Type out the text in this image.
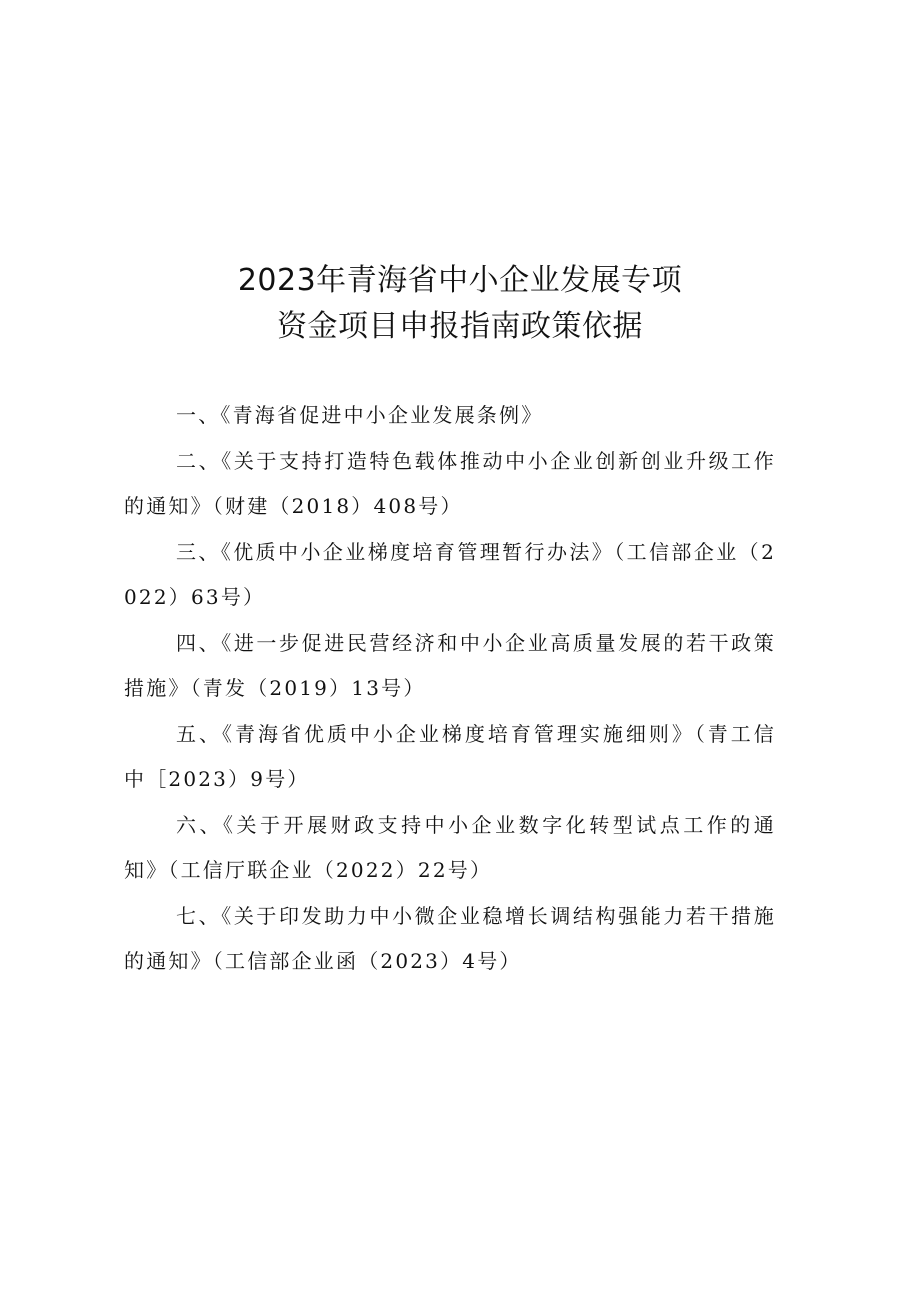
2023年青海省中小企业发展专项
资金项目申报指南政策依据

一、《青海省促进中小企业发展条例》

二、《关于支持打造特色载体推动中小企业创新创业升级工作的通知》（财建（2018）408号）

三、《优质中小企业梯度培育管理暂行办法》（工信部企业（2022）63号）

四、《进一步促进民营经济和中小企业高质量发展的若干政策措施》（青发（2019）13号）

五、《青海省优质中小企业梯度培育管理实施细则》（青工信中［2023）9号）

六、《关于开展财政支持中小企业数字化转型试点工作的通知》（工信厅联企业（2022）22号）

七、《关于印发助力中小微企业稳增长调结构强能力若干措施的通知》（工信部企业函（2023）4号）
